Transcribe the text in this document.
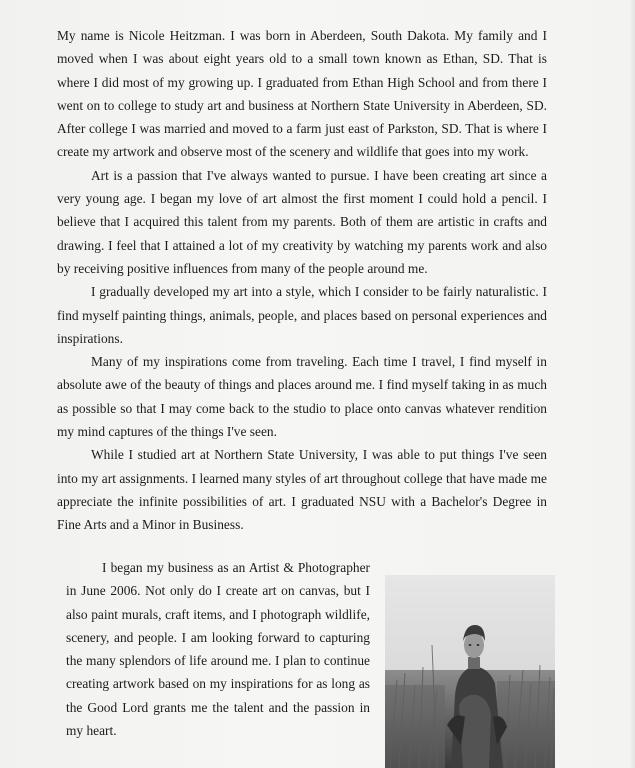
My name is Nicole Heitzman. I was born in Aberdeen, South Dakota. My family and I moved when I was about eight years old to a small town known as Ethan, SD. That is where I did most of my growing up. I graduated from Ethan High School and from there I went on to college to study art and business at Northern State University in Aberdeen, SD. After college I was married and moved to a farm just east of Parkston, SD. That is where I create my artwork and observe most of the scenery and wildlife that goes into my work.

Art is a passion that I've always wanted to pursue. I have been creating art since a very young age. I began my love of art almost the first moment I could hold a pencil. I believe that I acquired this talent from my parents. Both of them are artistic in crafts and drawing. I feel that I attained a lot of my creativity by watching my parents work and also by receiving positive influences from many of the people around me.

I gradually developed my art into a style, which I consider to be fairly naturalistic. I find myself painting things, animals, people, and places based on personal experiences and inspirations.

Many of my inspirations come from traveling. Each time I travel, I find myself in absolute awe of the beauty of things and places around me. I find myself taking in as much as possible so that I may come back to the studio to place onto canvas whatever rendition my mind captures of the things I've seen.

While I studied art at Northern State University, I was able to put things I've seen into my art assignments. I learned many styles of art throughout college that have made me appreciate the infinite possibilities of art. I graduated NSU with a Bachelor's Degree in Fine Arts and a Minor in Business.

I began my business as an Artist & Photographer in June 2006. Not only do I create art on canvas, but I also paint murals, craft items, and I photograph wildlife, scenery, and people. I am looking forward to capturing the many splendors of life around me. I plan to continue creating artwork based on my inspirations for as long as the Good Lord grants me the talent and the passion in my heart.
